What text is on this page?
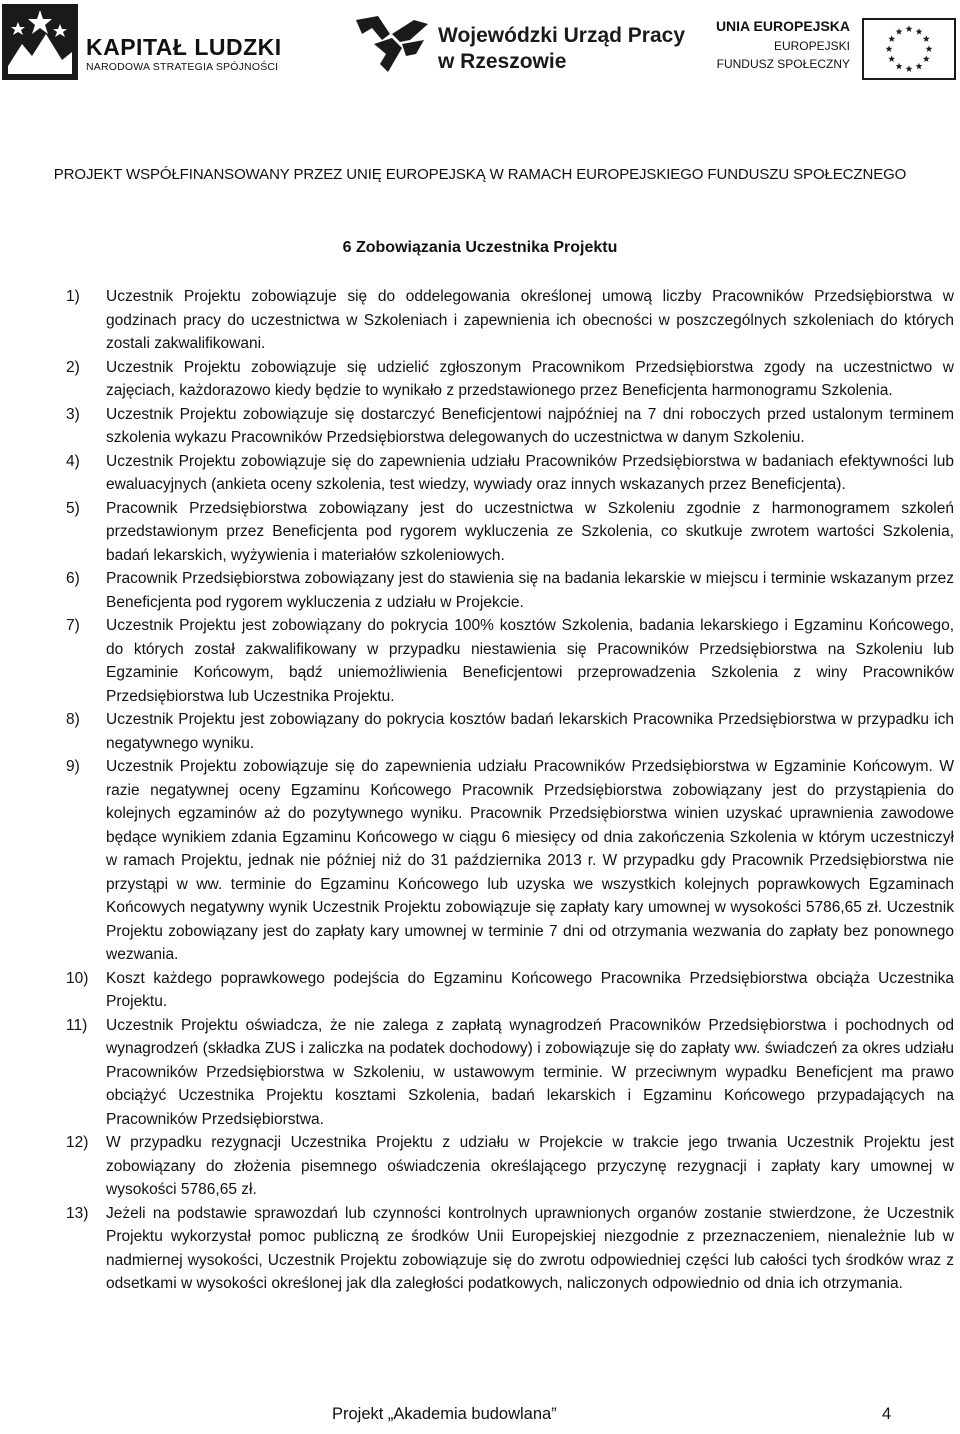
KAPITAŁ LUDZKI
NARODOWA STRATEGIA SPÓJNOŚCI
Wojewódzki Urząd Pracy
w Rzeszowie
UNIA EUROPEJSKA
EUROPEJSKI
FUNDUSZ SPOŁECZNY
PROJEKT WSPÓŁFINANSOWANY PRZEZ UNIĘ EUROPEJSKĄ W RAMACH EUROPEJSKIEGO FUNDUSZU SPOŁECZNEGO
6 Zobowiązania Uczestnika Projektu
1) Uczestnik Projektu zobowiązuje się do oddelegowania określonej umową liczby Pracowników Przedsiębiorstwa w godzinach pracy do uczestnictwa w Szkoleniach i zapewnienia ich obecności w poszczególnych szkoleniach do których zostali zakwalifikowani.
2) Uczestnik Projektu zobowiązuje się udzielić zgłoszonym Pracownikom Przedsiębiorstwa zgody na uczestnictwo w zajęciach, każdorazowo kiedy będzie to wynikało z przedstawionego przez Beneficjenta harmonogramu Szkolenia.
3) Uczestnik Projektu zobowiązuje się dostarczyć Beneficjentowi najpóźniej na 7 dni roboczych przed ustalonym terminem szkolenia wykazu Pracowników Przedsiębiorstwa delegowanych do uczestnictwa w danym Szkoleniu.
4) Uczestnik Projektu zobowiązuje się do zapewnienia udziału Pracowników Przedsiębiorstwa w badaniach efektywności lub ewaluacyjnych (ankieta oceny szkolenia, test wiedzy, wywiady oraz innych wskazanych przez Beneficjenta).
5) Pracownik Przedsiębiorstwa zobowiązany jest do uczestnictwa w Szkoleniu zgodnie z harmonogramem szkoleń przedstawionym przez Beneficjenta pod rygorem wykluczenia ze Szkolenia, co skutkuje zwrotem wartości Szkolenia, badań lekarskich, wyżywienia i materiałów szkoleniowych.
6) Pracownik Przedsiębiorstwa zobowiązany jest do stawienia się na badania lekarskie w miejscu i terminie wskazanym przez Beneficjenta pod rygorem wykluczenia z udziału w Projekcie.
7) Uczestnik Projektu jest zobowiązany do pokrycia 100% kosztów Szkolenia, badania lekarskiego i Egzaminu Końcowego, do których został zakwalifikowany w przypadku niestawienia się Pracowników Przedsiębiorstwa na Szkoleniu lub Egzaminie Końcowym, bądź uniemożliwienia Beneficjentowi przeprowadzenia Szkolenia z winy Pracowników Przedsiębiorstwa lub Uczestnika Projektu.
8) Uczestnik Projektu jest zobowiązany do pokrycia kosztów badań lekarskich Pracownika Przedsiębiorstwa w przypadku ich negatywnego wyniku.
9) Uczestnik Projektu zobowiązuje się do zapewnienia udziału Pracowników Przedsiębiorstwa w Egzaminie Końcowym. W razie negatywnej oceny Egzaminu Końcowego Pracownik Przedsiębiorstwa zobowiązany jest do przystąpienia do kolejnych egzaminów aż do pozytywnego wyniku. Pracownik Przedsiębiorstwa winien uzyskać uprawnienia zawodowe będące wynikiem zdania Egzaminu Końcowego w ciągu 6 miesięcy od dnia zakończenia Szkolenia w którym uczestniczył w ramach Projektu, jednak nie później niż do 31 października 2013 r. W przypadku gdy Pracownik Przedsiębiorstwa nie przystąpi w ww. terminie do Egzaminu Końcowego lub uzyska we wszystkich kolejnych poprawkowych Egzaminach Końcowych negatywny wynik Uczestnik Projektu zobowiązuje się zapłaty kary umownej w wysokości 5786,65 zł. Uczestnik Projektu zobowiązany jest do zapłaty kary umownej w terminie 7 dni od otrzymania wezwania do zapłaty bez ponownego wezwania.
10) Koszt każdego poprawkowego podejścia do Egzaminu Końcowego Pracownika Przedsiębiorstwa obciąża Uczestnika Projektu.
11) Uczestnik Projektu oświadcza, że nie zalega z zapłatą wynagrodzeń Pracowników Przedsiębiorstwa i pochodnych od wynagrodzeń (składka ZUS i zaliczka na podatek dochodowy) i zobowiązuje się do zapłaty ww. świadczeń za okres udziału Pracowników Przedsiębiorstwa w Szkoleniu, w ustawowym terminie. W przeciwnym wypadku Beneficjent ma prawo obciążyć Uczestnika Projektu kosztami Szkolenia, badań lekarskich i Egzaminu Końcowego przypadających na Pracowników Przedsiębiorstwa.
12) W przypadku rezygnacji Uczestnika Projektu z udziału w Projekcie w trakcie jego trwania Uczestnik Projektu jest zobowiązany do złożenia pisemnego oświadczenia określającego przyczynę rezygnacji i zapłaty kary umownej w wysokości 5786,65 zł.
13) Jeżeli na podstawie sprawozdań lub czynności kontrolnych uprawnionych organów zostanie stwierdzone, że Uczestnik Projektu wykorzystał pomoc publiczną ze środków Unii Europejskiej niezgodnie z przeznaczeniem, nienależnie lub w nadmiernej wysokości, Uczestnik Projektu zobowiązuje się do zwrotu odpowiedniej części lub całości tych środków wraz z odsetkami w wysokości określonej jak dla zaległości podatkowych, naliczonych odpowiednio od dnia ich otrzymania.
Projekt „Akademia budowlana”	4
